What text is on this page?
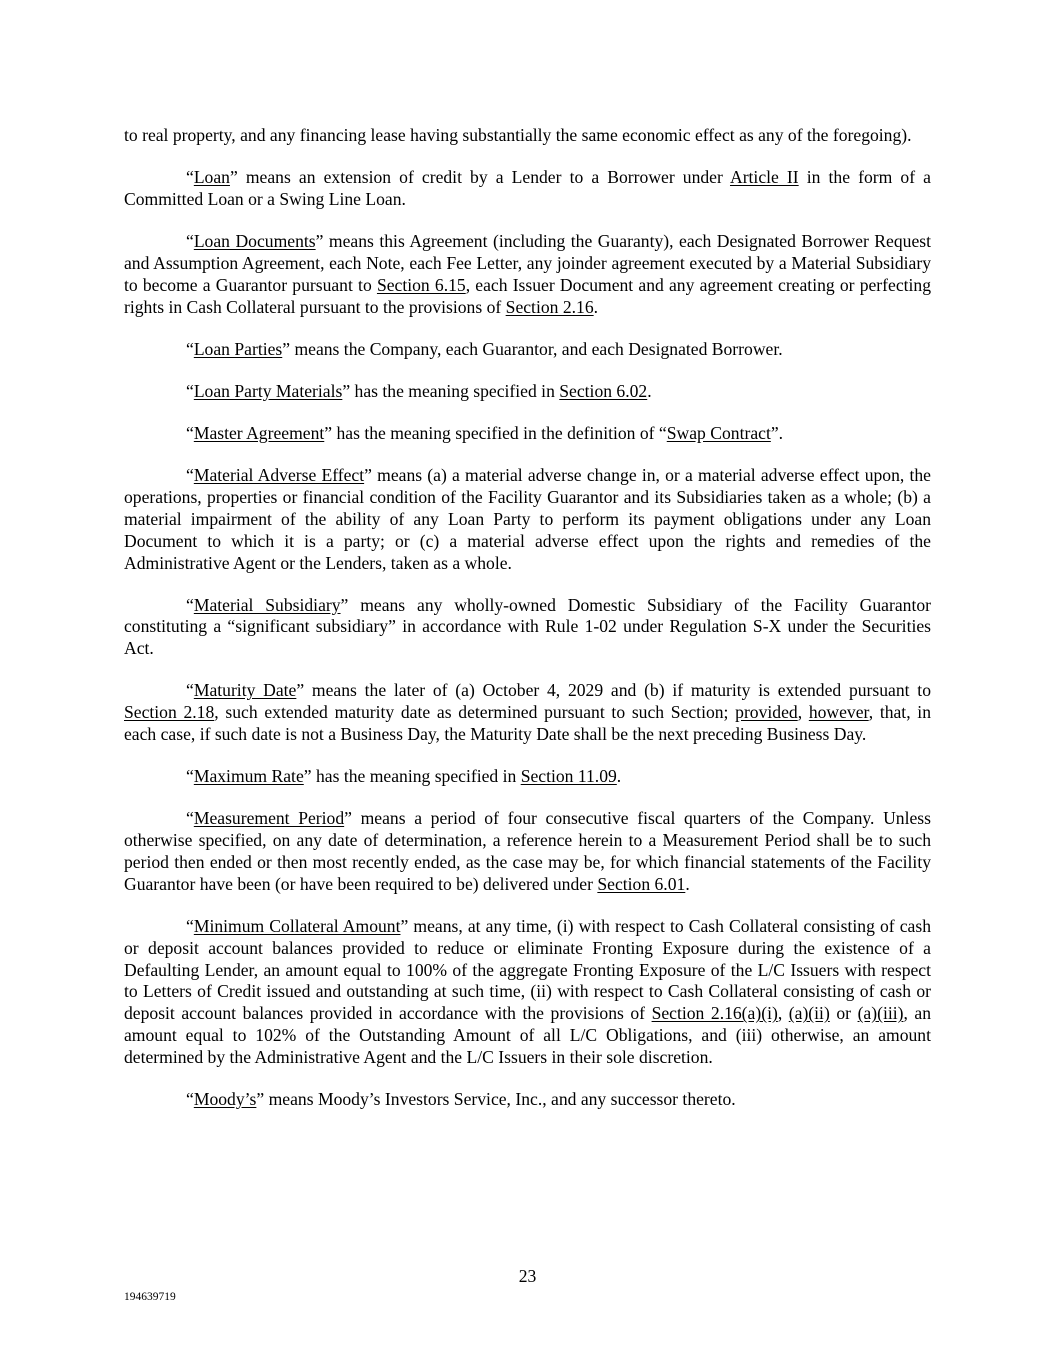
to real property, and any financing lease having substantially the same economic effect as any of the foregoing).

“Loan” means an extension of credit by a Lender to a Borrower under Article II in the form of a Committed Loan or a Swing Line Loan.

“Loan Documents” means this Agreement (including the Guaranty), each Designated Borrower Request and Assumption Agreement, each Note, each Fee Letter, any joinder agreement executed by a Material Subsidiary to become a Guarantor pursuant to Section 6.15, each Issuer Document and any agreement creating or perfecting rights in Cash Collateral pursuant to the provisions of Section 2.16.

“Loan Parties” means the Company, each Guarantor, and each Designated Borrower.

“Loan Party Materials” has the meaning specified in Section 6.02.

“Master Agreement” has the meaning specified in the definition of “Swap Contract”.

“Material Adverse Effect” means (a) a material adverse change in, or a material adverse effect upon, the operations, properties or financial condition of the Facility Guarantor and its Subsidiaries taken as a whole; (b) a material impairment of the ability of any Loan Party to perform its payment obligations under any Loan Document to which it is a party; or (c) a material adverse effect upon the rights and remedies of the Administrative Agent or the Lenders, taken as a whole.

“Material Subsidiary” means any wholly-owned Domestic Subsidiary of the Facility Guarantor constituting a “significant subsidiary” in accordance with Rule 1-02 under Regulation S-X under the Securities Act.

“Maturity Date” means the later of (a) October 4, 2029 and (b) if maturity is extended pursuant to Section 2.18, such extended maturity date as determined pursuant to such Section; provided, however, that, in each case, if such date is not a Business Day, the Maturity Date shall be the next preceding Business Day.

“Maximum Rate” has the meaning specified in Section 11.09.

“Measurement Period” means a period of four consecutive fiscal quarters of the Company. Unless otherwise specified, on any date of determination, a reference herein to a Measurement Period shall be to such period then ended or then most recently ended, as the case may be, for which financial statements of the Facility Guarantor have been (or have been required to be) delivered under Section 6.01.

“Minimum Collateral Amount” means, at any time, (i) with respect to Cash Collateral consisting of cash or deposit account balances provided to reduce or eliminate Fronting Exposure during the existence of a Defaulting Lender, an amount equal to 100% of the aggregate Fronting Exposure of the L/C Issuers with respect to Letters of Credit issued and outstanding at such time, (ii) with respect to Cash Collateral consisting of cash or deposit account balances provided in accordance with the provisions of Section 2.16(a)(i), (a)(ii) or (a)(iii), an amount equal to 102% of the Outstanding Amount of all L/C Obligations, and (iii) otherwise, an amount determined by the Administrative Agent and the L/C Issuers in their sole discretion.

“Moody’s” means Moody’s Investors Service, Inc., and any successor thereto.

23
194639719
